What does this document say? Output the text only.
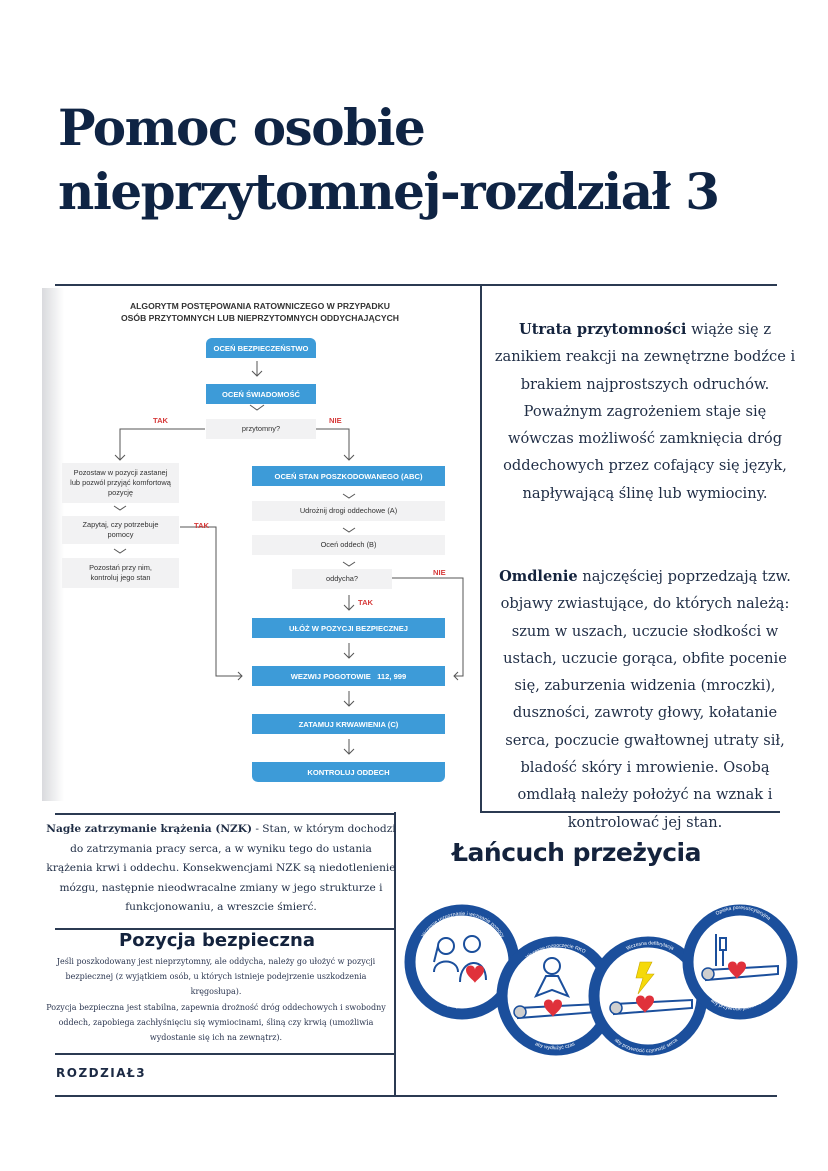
Pomoc osobie
nieprzytomnej-rozdział 3
ALGORYTM POSTĘPOWANIA RATOWNICZEGO W PRZYPADKU
OSÓB PRZYTOMNYCH LUB NIEPRZYTOMNYCH ODDYCHAJĄCYCH
OCEŃ BEZPIECZEŃSTWO
OCEŃ ŚWIADOMOŚĆ
przytomny?
TAK	NIE
Pozostaw w pozycji zastanej lub pozwól przyjąć komfortową pozycję
Zapytaj, czy potrzebuje pomocy
TAK
Pozostań przy nim, kontroluj jego stan
OCEŃ STAN POSZKODOWANEGO (ABC)
Udrożnij drogi oddechowe (A)
Oceń oddech (B)
oddycha?
NIE
TAK
UŁÓŻ W POZYCJI BEZPIECZNEJ
WEZWIJ POGOTOWIE   112, 999
ZATAMUJ KRWAWIENIA (C)
KONTROLUJ ODDECH

Utrata przytomności wiąże się z zanikiem reakcji na zewnętrzne bodźce i brakiem najprostszych odruchów. Poważnym zagrożeniem staje się wówczas możliwość zamknięcia dróg oddechowych przez cofający się język, napływającą ślinę lub wymiociny.

Omdlenie najczęściej poprzedzają tzw. objawy zwiastujące, do których należą: szum w uszach, uczucie słodkości w ustach, uczucie gorąca, obfite pocenie się, zaburzenia widzenia (mroczki), duszności, zawroty głowy, kołatanie serca, poczucie gwałtownej utraty sił, bladość skóry i mrowienie. Osobą omdlałą należy położyć na wznak i kontrolować jej stan.

Nagłe zatrzymanie krążenia (NZK) - Stan, w którym dochodzi do zatrzymania pracy serca, a w wyniku tego do ustania krążenia krwi i oddechu. Konsekwencjami NZK są niedotlenienie mózgu, następnie nieodwracalne zmiany w jego strukturze i funkcjonowaniu, a wreszcie śmierć.

Pozycja bezpieczna
Jeśli poszkodowany jest nieprzytomny, ale oddycha, należy go ułożyć w pozycji bezpiecznej (z wyjątkiem osób, u których istnieje podejrzenie uszkodzenia kręgosłupa).
Pozycja bezpieczna jest stabilna, zapewnia drożność dróg oddechowych i swobodny oddech, zapobiega zachłyśnięciu się wymiocinami, śliną czy krwią (umożliwia wydostanie się ich na zewnątrz).
ROZDZIAŁ3
Łańcuch przeżycia
Wczesne rozpoznanie i wezwanie pomocy
aby zapobiec NZK
Wczesne rozpoczęcie RKO
aby wydłużyć czas
Wczesna defibrylacja
aby przywrócić czynność serca
Opieka poresuscytacyjna
aby przywrócić jakość życia
